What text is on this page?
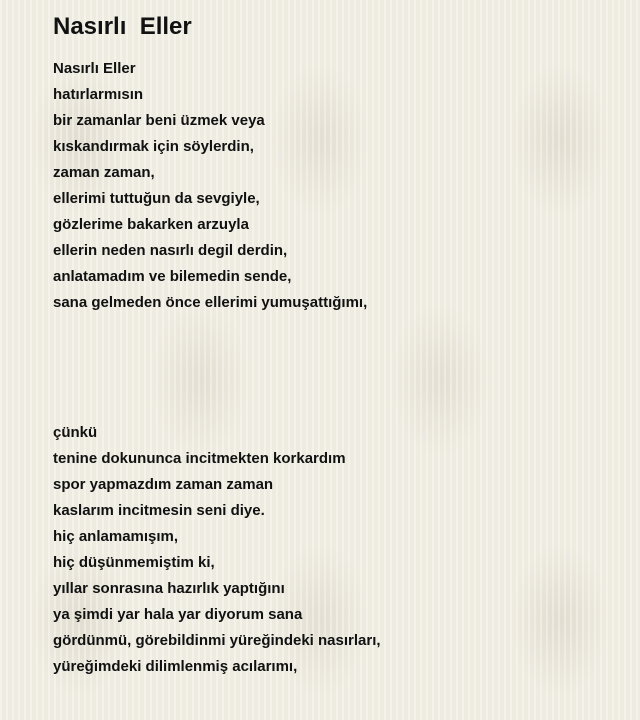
Nasırlı  Eller
Nasırlı Eller
hatırlarmısın
bir zamanlar beni üzmek veya
kıskandırmak için söylerdin,
zaman zaman,
ellerimi tuttuğun da sevgiyle,
gözlerime bakarken arzuyla
ellerin neden nasırlı degil derdin,
anlatamadım ve bilemedin sende,
sana gelmeden önce ellerimi yumuşattığımı,
çünkü
tenine dokununca incitmekten korkardım
spor yapmazdım zaman zaman
kaslarım incitmesin seni diye.
hiç anlamamışım,
hiç düşünmemiştim ki,
yıllar sonrasına hazırlık yaptığını
ya şimdi yar hala yar diyorum sana
gördünmü, görebildinmi yüreğindeki nasırları,
yüreğimdeki dilimlenmiş acılarımı,
